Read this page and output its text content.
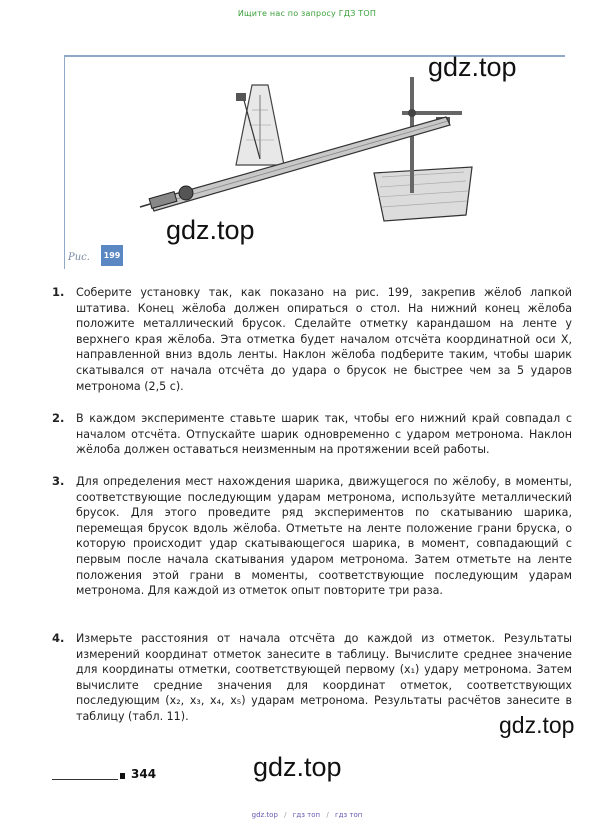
Ищите нас по запросу ГДЗ ТОП
Рис.	199
gdz.top
gdz.top
1. Соберите установку так, как показано на рис. 199, закрепив жёлоб лапкой штатива. Конец жёлоба должен опираться о стол. На нижний конец жёлоба положите металлический брусок. Сделайте отметку карандашом на ленте у верхнего края жёлоба. Эта отметка будет началом отсчёта координатной оси X, направленной вниз вдоль ленты. Наклон жёлоба подберите таким, чтобы шарик скатывался от начала отсчёта до удара о брусок не быстрее чем за 5 ударов метронома (2,5 с).
2. В каждом эксперименте ставьте шарик так, чтобы его нижний край совпадал с началом отсчёта. Отпускайте шарик одновременно с ударом метронома. Наклон жёлоба должен оставаться неизменным на протяжении всей работы.
3. Для определения мест нахождения шарика, движущегося по жёлобу, в моменты, соответствующие последующим ударам метронома, используйте металлический брусок. Для этого проведите ряд экспериментов по скатыванию шарика, перемещая брусок вдоль жёлоба. Отметьте на ленте положение грани бруска, о которую происходит удар скатывающегося шарика, в момент, совпадающий с первым после начала скатывания ударом метронома. Затем отметьте на ленте положения этой грани в моменты, соответствующие последующим ударам метронома. Для каждой из отметок опыт повторите три раза.
4. Измерьте расстояния от начала отсчёта до каждой из отметок. Результаты измерений координат отметок занесите в таблицу. Вычислите среднее значение для координаты отметки, соответствующей первому (x₁) удару метронома. Затем вычислите средние значения для координат отметок, соответствующих последующим (x₂, x₃, x₄, x₅) ударам метронома. Результаты расчётов занесите в таблицу (табл. 11).	gdz.top
344	gdz.top
gdz.top / гдз топ / гдз топ
